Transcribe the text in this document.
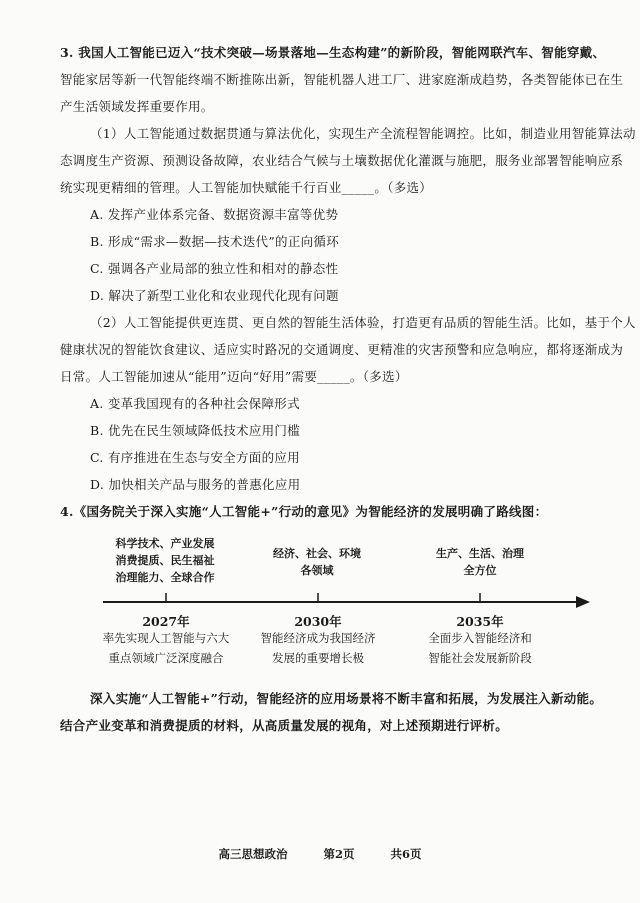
3. 我国人工智能已迈入“技术突破—场景落地—生态构建”的新阶段，智能网联汽车、智能穿戴、
智能家居等新一代智能终端不断推陈出新，智能机器人进工厂、进家庭渐成趋势，各类智能体已在生
产生活领域发挥重要作用。
（1）人工智能通过数据贯通与算法优化，实现生产全流程智能调控。比如，制造业用智能算法动
态调度生产资源、预测设备故障，农业结合气候与土壤数据优化灌溉与施肥，服务业部署智能响应系
统实现更精细的管理。人工智能加快赋能千行百业_____。（多选）
A. 发挥产业体系完备、数据资源丰富等优势
B. 形成“需求—数据—技术迭代”的正向循环
C. 强调各产业局部的独立性和相对的静态性
D. 解决了新型工业化和农业现代化现有问题
（2）人工智能提供更连贯、更自然的智能生活体验，打造更有品质的智能生活。比如，基于个人
健康状况的智能饮食建议、适应实时路况的交通调度、更精准的灾害预警和应急响应，都将逐渐成为
日常。人工智能加速从“能用”迈向“好用”需要_____。（多选）
A. 变革我国现有的各种社会保障形式
B. 优先在民生领域降低技术应用门槛
C. 有序推进在生态与安全方面的应用
D. 加快相关产品与服务的普惠化应用
4.《国务院关于深入实施“人工智能+”行动的意见》为智能经济的发展明确了路线图：
科学技术、产业发展
消费提质、民生福祉
治理能力、全球合作
经济、社会、环境
各领域
生产、生活、治理
全方位
2027年	2030年	2035年
率先实现人工智能与六大
重点领域广泛深度融合
智能经济成为我国经济
发展的重要增长极
全面步入智能经济和
智能社会发展新阶段
深入实施“人工智能+”行动，智能经济的应用场景将不断丰富和拓展，为发展注入新动能。
结合产业变革和消费提质的材料，从高质量发展的视角，对上述预期进行评析。
高三思想政治	第2页	共6页
